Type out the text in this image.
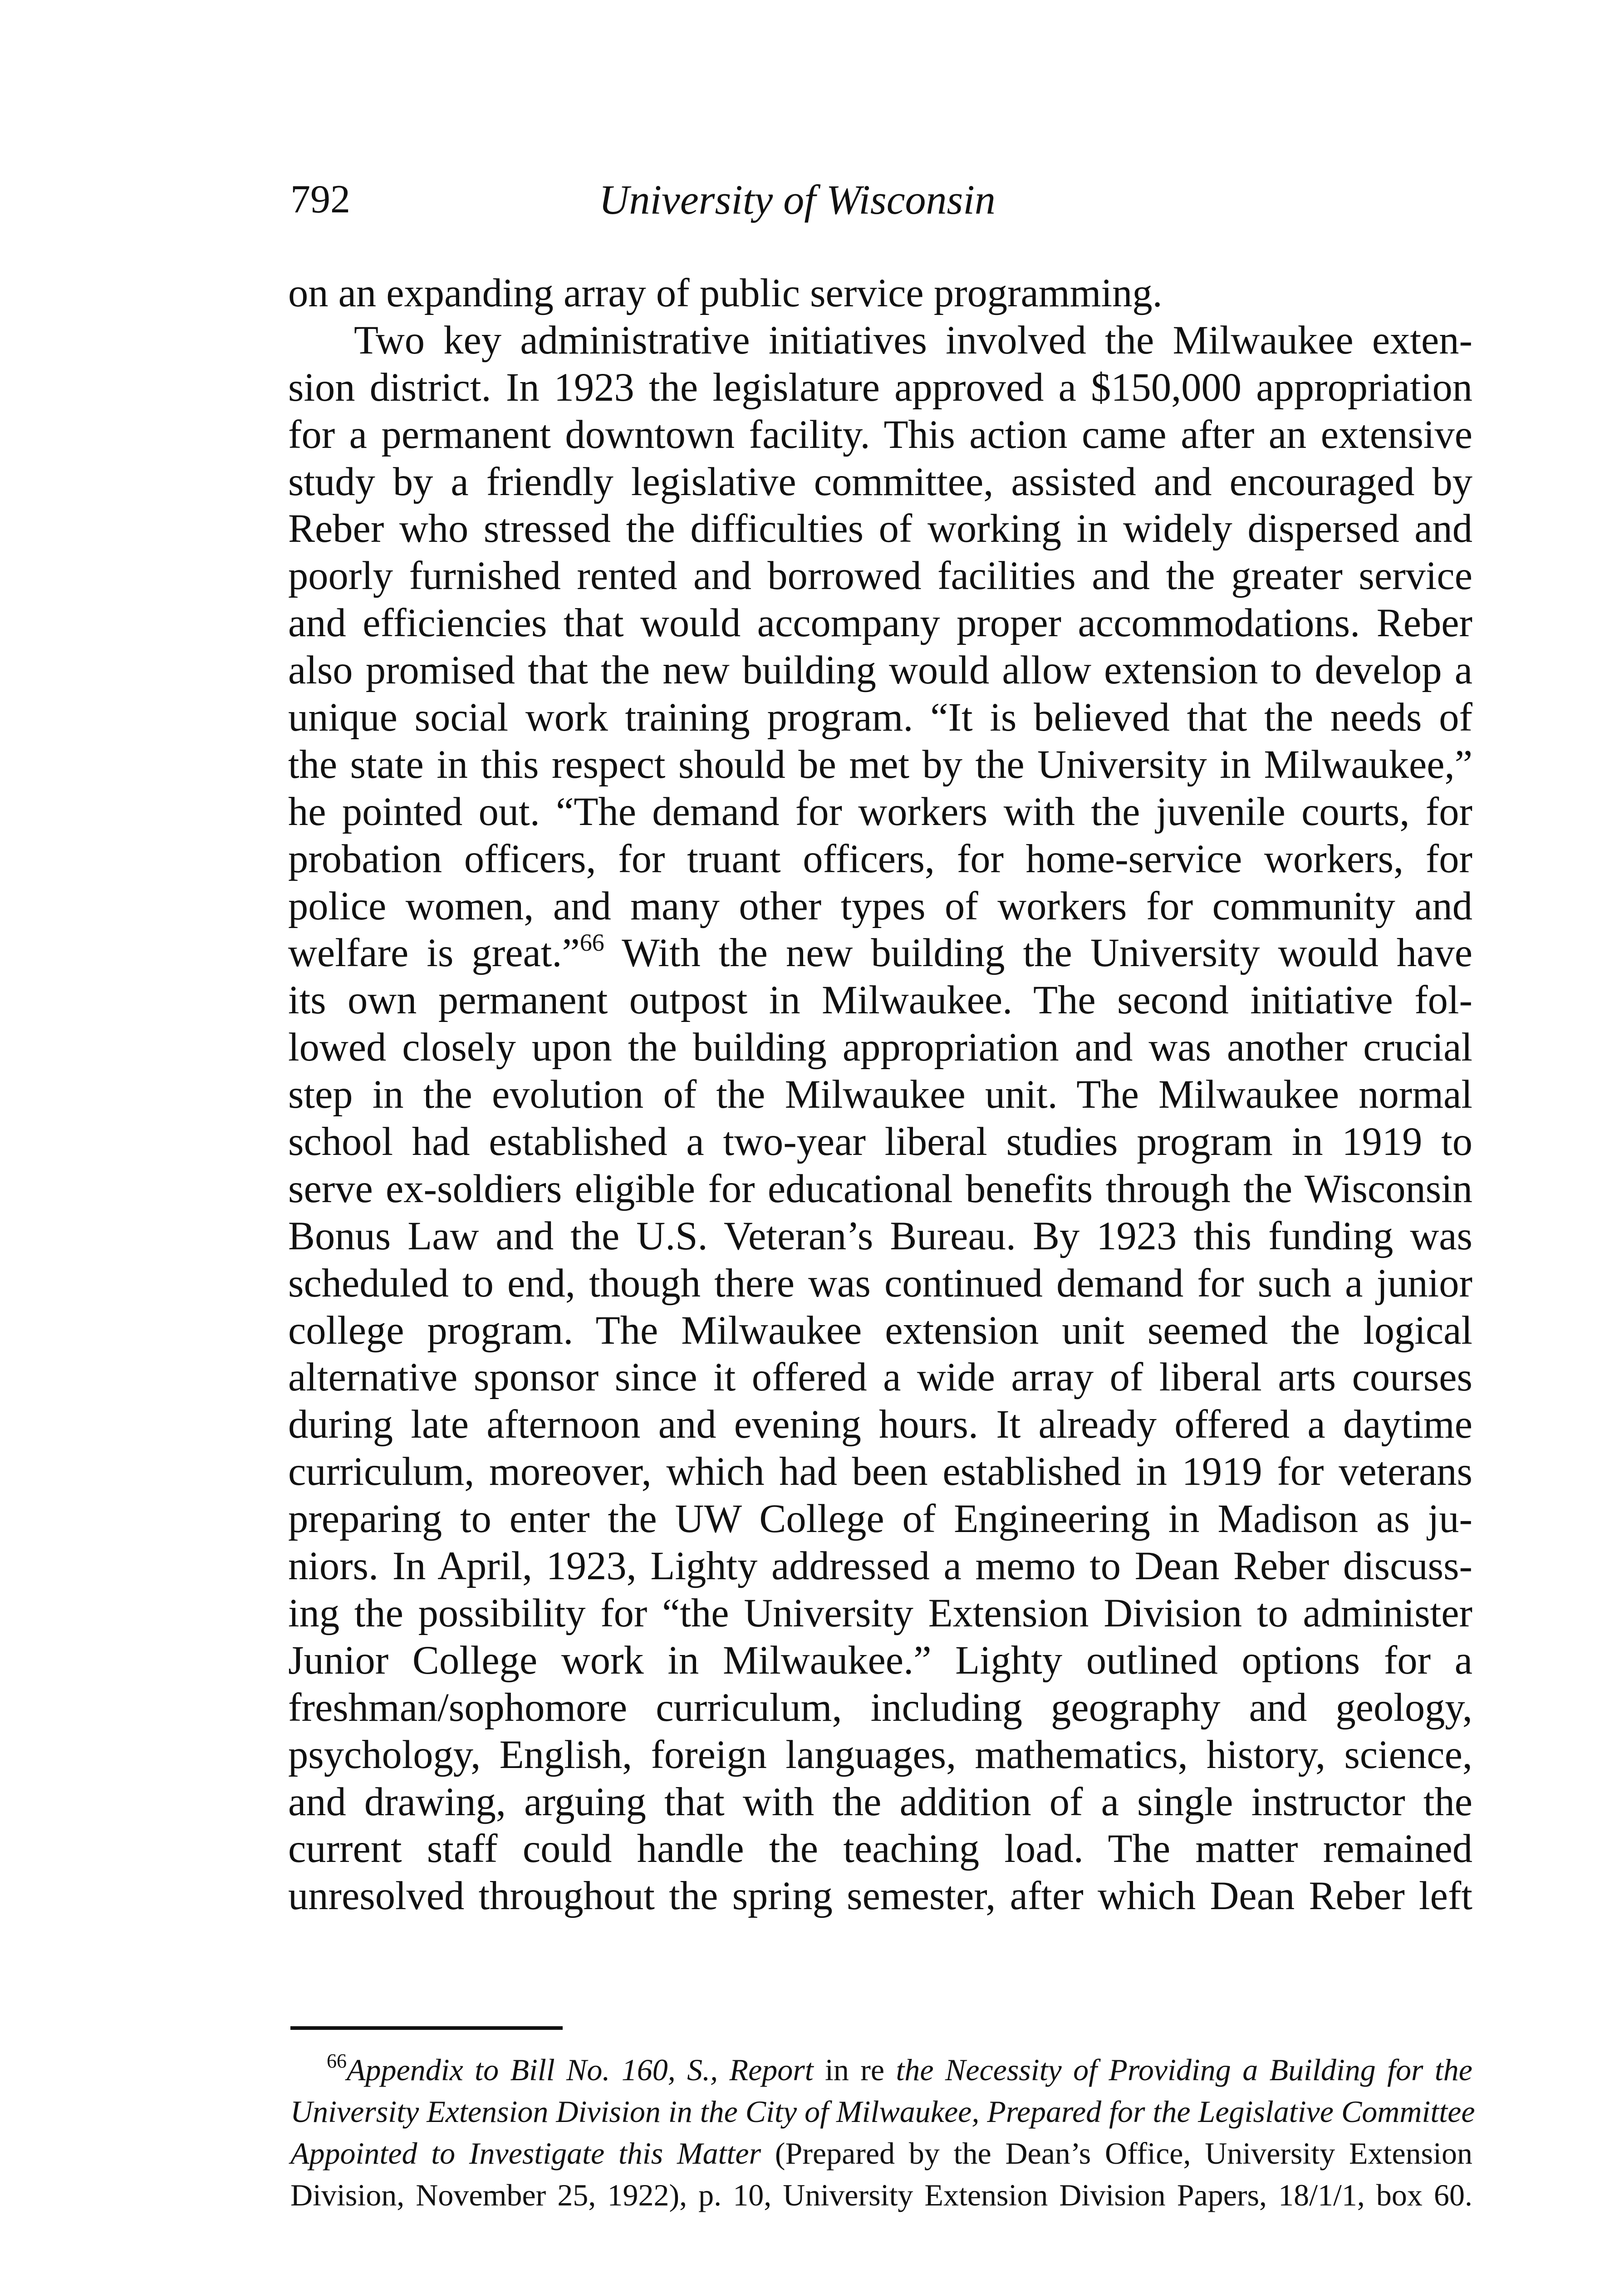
792	University of Wisconsin
on an expanding array of public service programming.
Two key administrative initiatives involved the Milwaukee exten-
sion district. In 1923 the legislature approved a $150,000 appropriation
for a permanent downtown facility. This action came after an extensive
study by a friendly legislative committee, assisted and encouraged by
Reber who stressed the difficulties of working in widely dispersed and
poorly furnished rented and borrowed facilities and the greater service
and efficiencies that would accompany proper accommodations. Reber
also promised that the new building would allow extension to develop a
unique social work training program. “It is believed that the needs of
the state in this respect should be met by the University in Milwaukee,”
he pointed out. “The demand for workers with the juvenile courts, for
probation officers, for truant officers, for home-service workers, for
police women, and many other types of workers for community and
welfare is great.”$^{66}$ With the new building the University would have
its own permanent outpost in Milwaukee. The second initiative fol-
lowed closely upon the building appropriation and was another crucial
step in the evolution of the Milwaukee unit. The Milwaukee normal
school had established a two-year liberal studies program in 1919 to
serve ex-soldiers eligible for educational benefits through the Wisconsin
Bonus Law and the U.S. Veteran’s Bureau. By 1923 this funding was
scheduled to end, though there was continued demand for such a junior
college program. The Milwaukee extension unit seemed the logical
alternative sponsor since it offered a wide array of liberal arts courses
during late afternoon and evening hours. It already offered a daytime
curriculum, moreover, which had been established in 1919 for veterans
preparing to enter the UW College of Engineering in Madison as ju-
niors. In April, 1923, Lighty addressed a memo to Dean Reber discuss-
ing the possibility for “the University Extension Division to administer
Junior College work in Milwaukee.” Lighty outlined options for a
freshman/sophomore curriculum, including geography and geology,
psychology, English, foreign languages, mathematics, history, science,
and drawing, arguing that with the addition of a single instructor the
current staff could handle the teaching load. The matter remained
unresolved throughout the spring semester, after which Dean Reber left
$^{66}$Appendix to Bill No. 160, S., Report in re the Necessity of Providing a Building for the
University Extension Division in the City of Milwaukee, Prepared for the Legislative Committee
Appointed to Investigate this Matter (Prepared by the Dean’s Office, University Extension
Division, November 25, 1922), p. 10, University Extension Division Papers, 18/1/1, box 60.
